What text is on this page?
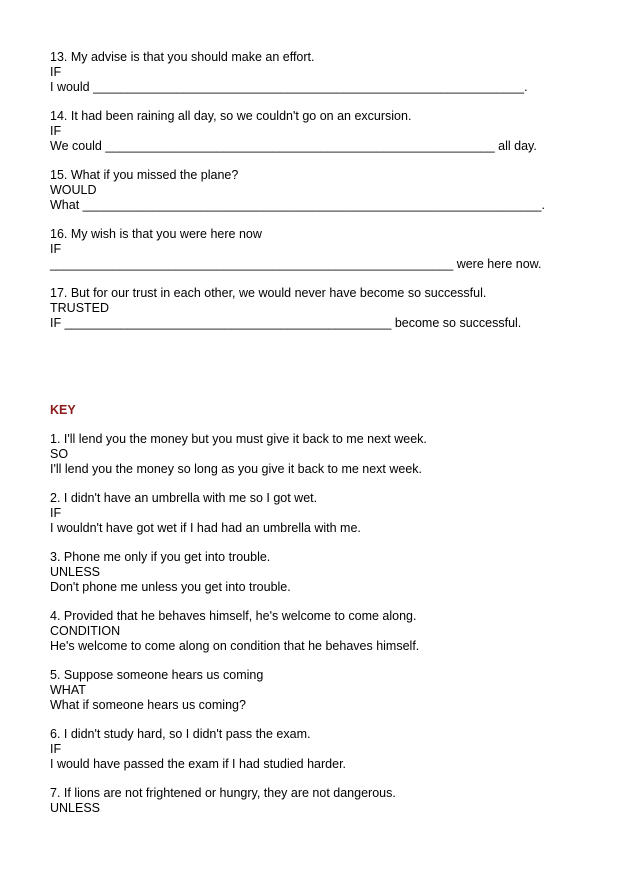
13. My advise is that you should make an effort.
IF
I would ______________________________________________________________.
14. It had been raining all day, so we couldn't go on an excursion.
IF
We could ________________________________________________________ all day.
15. What if you missed the plane?
WOULD
What __________________________________________________________________.
16. My wish is that you were here now
IF
__________________________________________________________ were here now.
17. But for our trust in each other, we would never have become so successful.
TRUSTED
IF _______________________________________________ become so successful.
KEY
1. I'll lend you the money but you must give it back to me next week.
SO
I'll lend you the money so long as you give it back to me next week.
2. I didn't have an umbrella with me so I got wet.
IF
I wouldn't have got wet if I had had an umbrella with me.
3. Phone me only if you get into trouble.
UNLESS
Don't phone me unless you get into trouble.
4. Provided that he behaves himself, he's welcome to come along.
CONDITION
He's welcome to come along on condition that he behaves himself.
5. Suppose someone hears us coming
WHAT
What if someone hears us coming?
6. I didn't study hard, so I didn't pass the exam.
IF
I would have passed the exam if I had studied harder.
7. If lions are not frightened or hungry, they are not dangerous.
UNLESS
